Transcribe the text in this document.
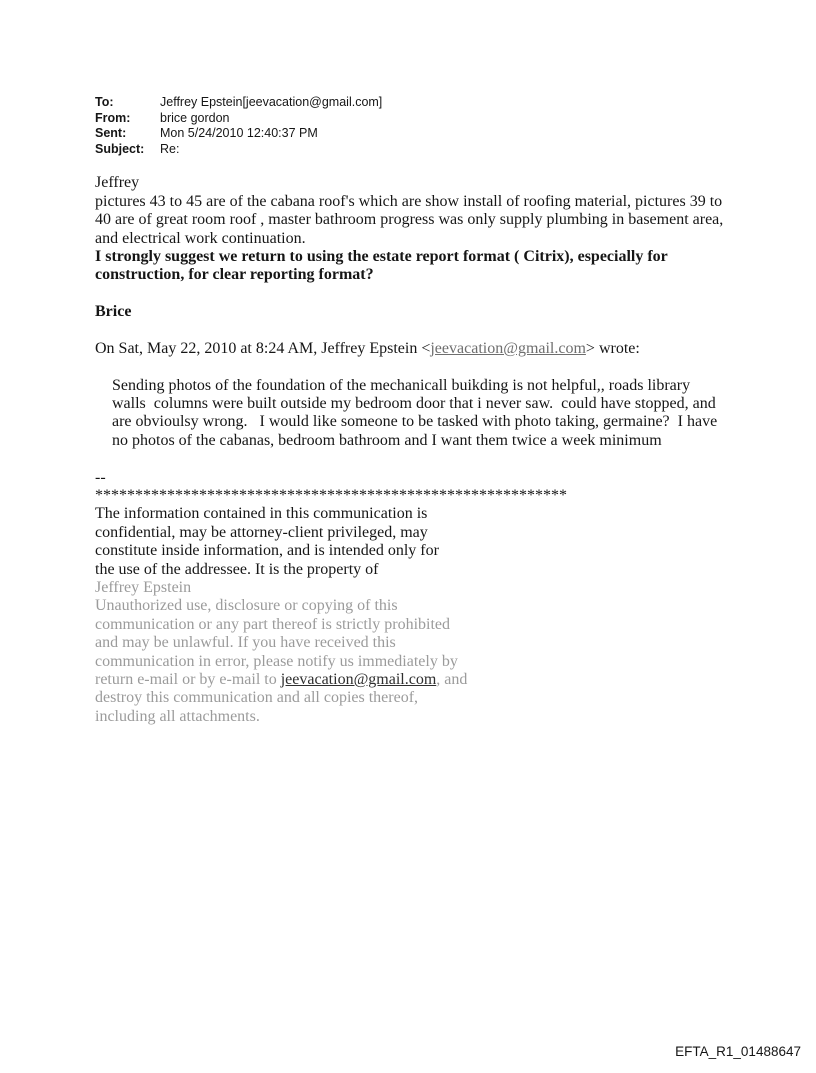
To:	Jeffrey Epstein[jeevacation@gmail.com]
From:	brice gordon
Sent:	Mon 5/24/2010 12:40:37 PM
Subject:	Re:
Jeffrey
pictures 43 to 45 are of the cabana roof's which are show install of roofing material, pictures 39 to
40 are of great room roof , master bathroom progress was only supply plumbing in basement area,
and electrical work continuation.
I strongly suggest we return to using the estate report format ( Citrix), especially for
construction, for clear reporting format?
Brice
On Sat, May 22, 2010 at 8:24 AM, Jeffrey Epstein <jeevacation@gmail.com> wrote:
Sending photos of the foundation of the mechanicall buikding is not helpful,, roads library
walls  columns were built outside my bedroom door that i never saw.  could have stopped, and
are obvioulsy wrong.   I would like someone to be tasked with photo taking, germaine?  I have
no photos of the cabanas, bedroom bathroom and I want them twice a week minimum
--
***********************************************************
The information contained in this communication is
confidential, may be attorney-client privileged, may
constitute inside information, and is intended only for
the use of the addressee. It is the property of
Jeffrey Epstein
Unauthorized use, disclosure or copying of this
communication or any part thereof is strictly prohibited
and may be unlawful. If you have received this
communication in error, please notify us immediately by
return e-mail or by e-mail to jeevacation@gmail.com, and
destroy this communication and all copies thereof,
including all attachments.
EFTA_R1_01488647
